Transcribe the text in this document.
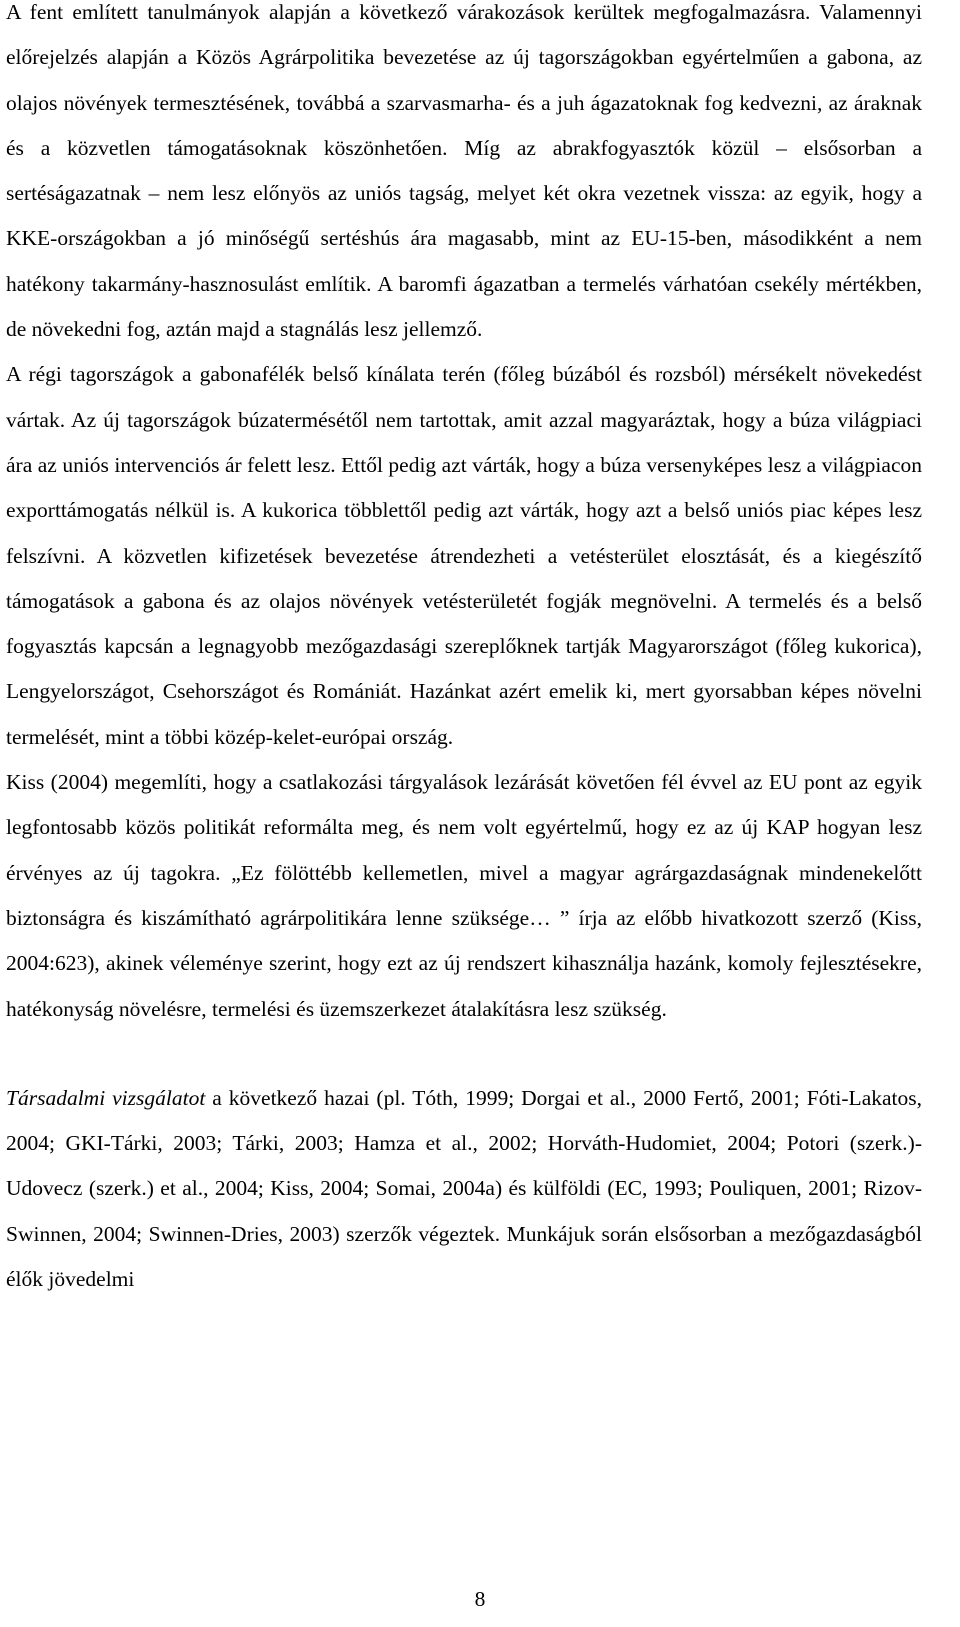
A fent említett tanulmányok alapján a következő várakozások kerültek megfogalmazásra. Valamennyi előrejelzés alapján a Közös Agrárpolitika bevezetése az új tagországokban egyértelműen a gabona, az olajos növények termesztésének, továbbá a szarvasmarha- és a juh ágazatoknak fog kedvezni, az áraknak és a közvetlen támogatásoknak köszönhetően. Míg az abrakfogyasztók közül – elsősorban a sertéságazatnak – nem lesz előnyös az uniós tagság, melyet két okra vezetnek vissza: az egyik, hogy a KKE-országokban a jó minőségű sertéshús ára magasabb, mint az EU-15-ben, másodikként a nem hatékony takarmány-hasznosulást említik. A baromfi ágazatban a termelés várhatóan csekély mértékben, de növekedni fog, aztán majd a stagnálás lesz jellemző.

A régi tagországok a gabonafélék belső kínálata terén (főleg búzából és rozsból) mérsékelt növekedést vártak. Az új tagországok búzatermésétől nem tartottak, amit azzal magyaráztak, hogy a búza világpiaci ára az uniós intervenciós ár felett lesz. Ettől pedig azt várták, hogy a búza versenyképes lesz a világpiacon exporttámogatás nélkül is. A kukorica többlettől pedig azt várták, hogy azt a belső uniós piac képes lesz felszívni. A közvetlen kifizetések bevezetése átrendezheti a vetésterület elosztását, és a kiegészítő támogatások a gabona és az olajos növények vetésterületét fogják megnövelni. A termelés és a belső fogyasztás kapcsán a legnagyobb mezőgazdasági szereplőknek tartják Magyarországot (főleg kukorica), Lengyelországot, Csehországot és Romániát. Hazánkat azért emelik ki, mert gyorsabban képes növelni termelését, mint a többi közép-kelet-európai ország.

Kiss (2004) megemlíti, hogy a csatlakozási tárgyalások lezárását követően fél évvel az EU pont az egyik legfontosabb közös politikát reformálta meg, és nem volt egyértelmű, hogy ez az új KAP hogyan lesz érvényes az új tagokra. „Ez fölöttébb kellemetlen, mivel a magyar agrárgazdaságnak mindenekelőtt biztonságra és kiszámítható agrárpolitikára lenne szüksége… ” írja az előbb hivatkozott szerző (Kiss, 2004:623), akinek véleménye szerint, hogy ezt az új rendszert kihasználja hazánk, komoly fejlesztésekre, hatékonyság növelésre, termelési és üzemszerkezet átalakításra lesz szükség.

Társadalmi vizsgálatot a következő hazai (pl. Tóth, 1999; Dorgai et al., 2000 Fertő, 2001; Fóti-Lakatos, 2004; GKI-Tárki, 2003; Tárki, 2003; Hamza et al., 2002; Horváth-Hudomiet, 2004; Potori (szerk.)-Udovecz (szerk.) et al., 2004; Kiss, 2004; Somai, 2004a) és külföldi (EC, 1993; Pouliquen, 2001; Rizov-Swinnen, 2004; Swinnen-Dries, 2003) szerzők végeztek. Munkájuk során elsősorban a mezőgazdaságból élők jövedelmi

8
